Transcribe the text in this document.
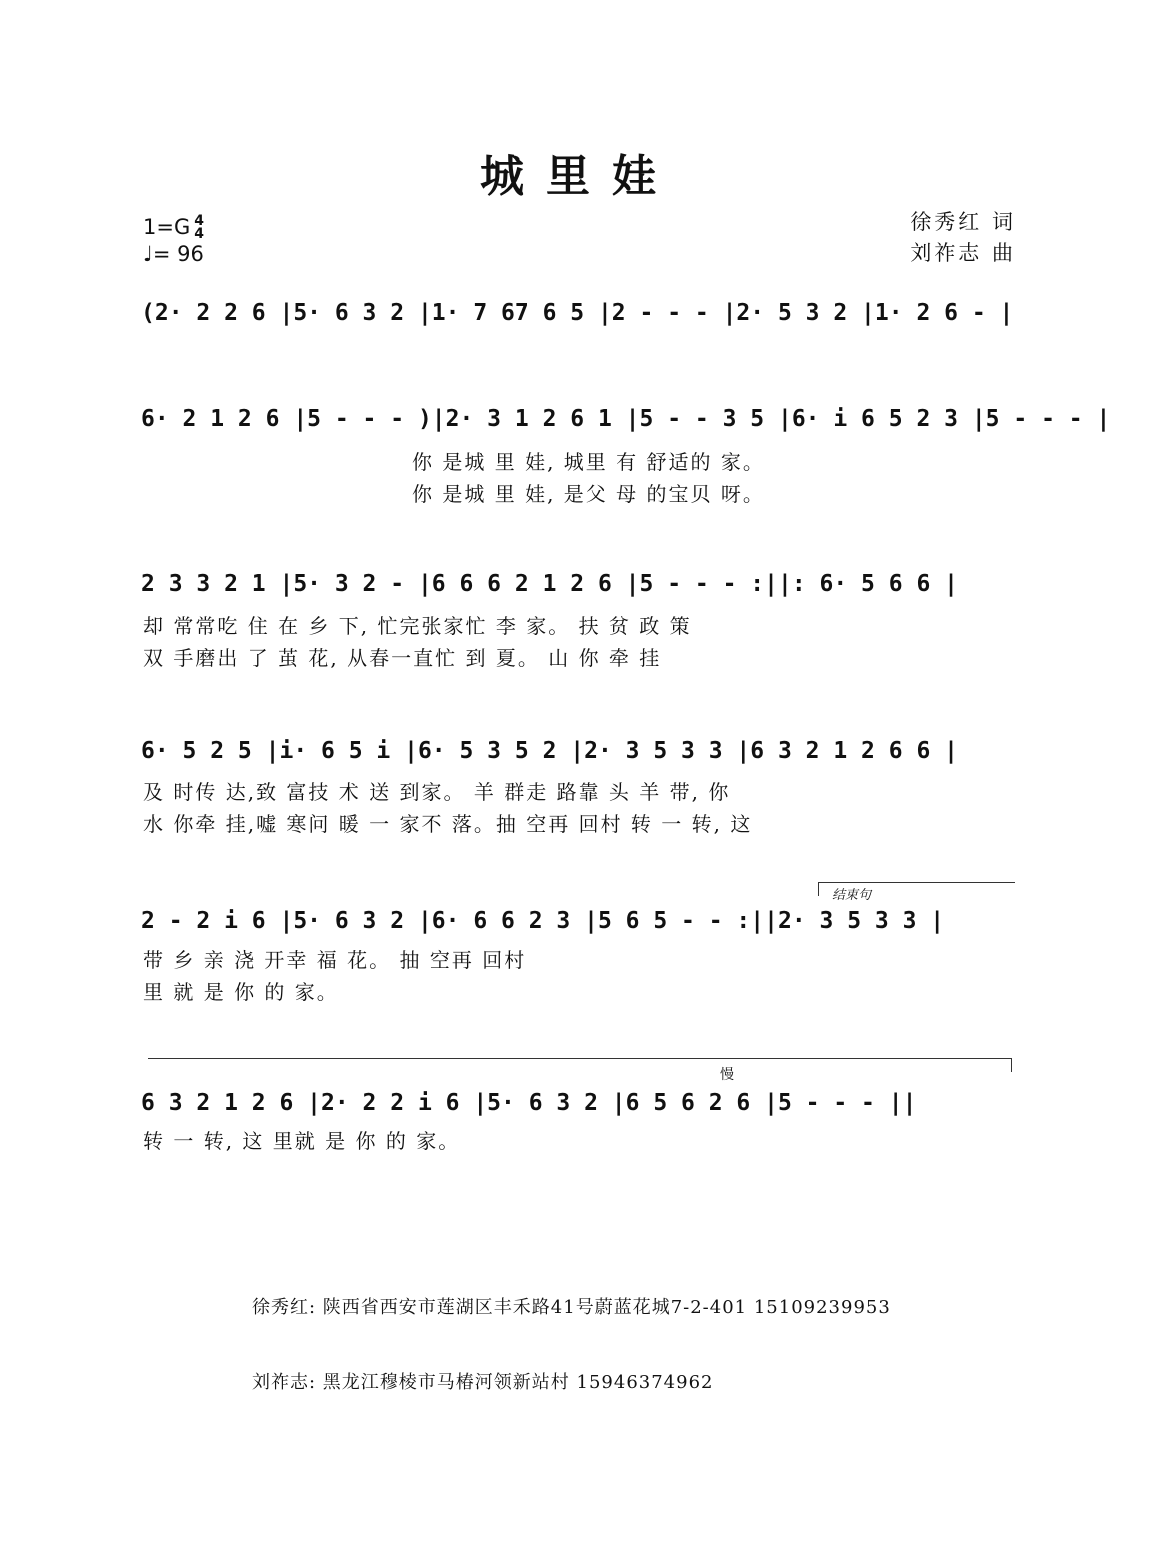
城里娃
1=G 4
4
♩= 96
徐秀红 词
刘祚志 曲
(2· 2 2 6 |5· 6 3 2 |1· 7 67 6 5 |2 - - - |2· 5 3 2 |1· 2 6 - |
6· 2 1 2 6 |5 - - - )|2· 3 1 2 6 1 |5 - - 3 5 |6· i 6 5 2 3 |5 - - - |
你 是城 里 娃, 城里 有 舒适的 家。
你 是城 里 娃, 是父 母 的宝贝 呀。
2 3 3 2 1 |5· 3 2 - |6 6 6 2 1 2 6 |5 - - - :||: 6· 5 6 6 |
却 常常吃 住 在 乡 下, 忙完张家忙 李 家。 扶 贫 政 策
双 手磨出 了 茧 花, 从春一直忙 到 夏。 山 你 牵 挂
6· 5 2 5 |i· 6 5 i |6· 5 3 5 2 |2· 3 5 3 3 |6 3 2 1 2 6 6 |
及 时传 达,致 富技 术 送 到家。 羊 群走 路靠 头 羊 带, 你
水 你牵 挂,嘘 寒问 暖 一 家不 落。抽 空再 回村 转 一 转, 这
结束句
2 - 2 i 6 |5· 6 3 2 |6· 6 6 2 3 |5 6 5 - - :||2· 3 5 3 3 |
带 乡 亲 浇 开幸 福 花。 抽 空再 回村
里 就 是 你 的 家。
慢
6 3 2 1 2 6 |2· 2 2 i 6 |5· 6 3 2 |6 5 6 2 6 |5 - - - ||
转 一 转, 这 里就 是 你 的 家。

徐秀红: 陕西省西安市莲湖区丰禾路41号蔚蓝花城7-2-401 15109239953

刘祚志: 黑龙江穆棱市马椿河领新站村 15946374962
